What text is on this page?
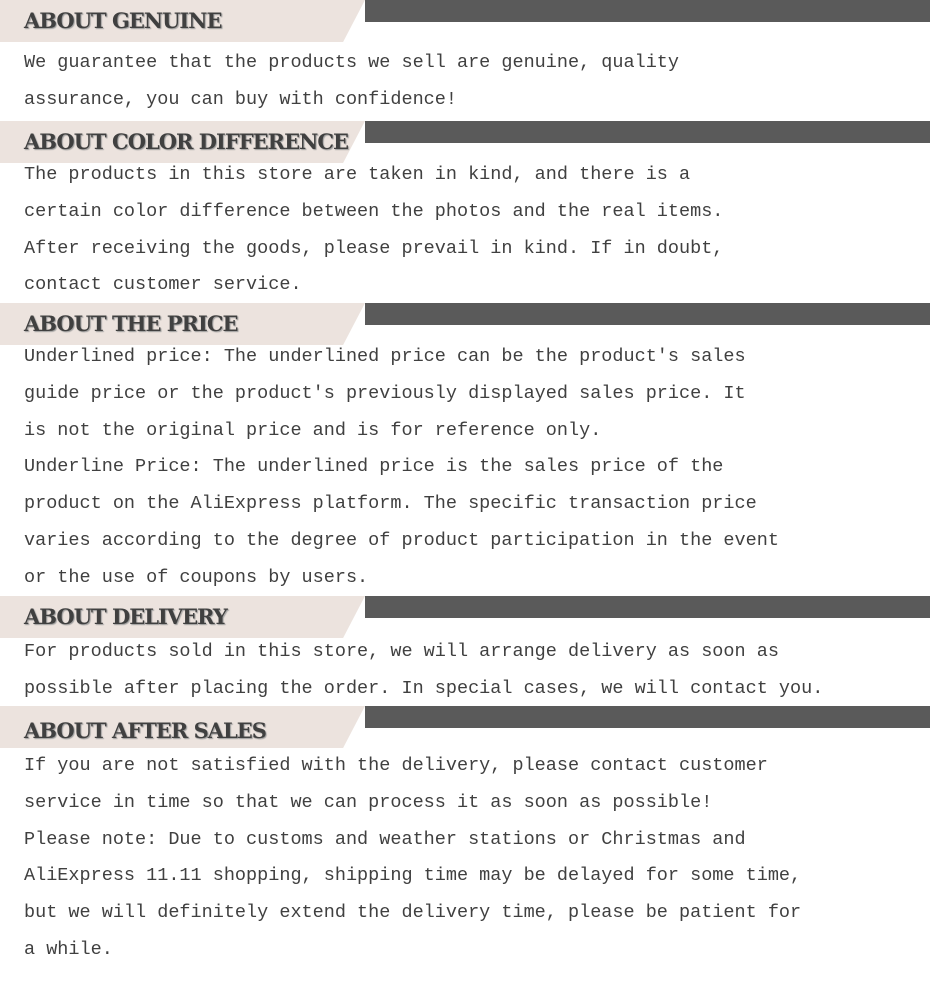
ABOUT GENUINE
We guarantee that the products we sell are genuine, quality
assurance, you can buy with confidence!
ABOUT COLOR DIFFERENCE
The products in this store are taken in kind, and there is a
certain color difference between the photos and the real items.
After receiving the goods, please prevail in kind. If in doubt,
contact customer service.
ABOUT THE PRICE
Underlined price: The underlined price can be the product's sales
guide price or the product's previously displayed sales price. It
is not the original price and is for reference only.
Underline Price: The underlined price is the sales price of the
product on the AliExpress platform. The specific transaction price
varies according to the degree of product participation in the event
or the use of coupons by users.
ABOUT DELIVERY
For products sold in this store, we will arrange delivery as soon as
possible after placing the order. In special cases, we will contact you.
ABOUT AFTER SALES
If you are not satisfied with the delivery, please contact customer
service in time so that we can process it as soon as possible!
Please note: Due to customs and weather stations or Christmas and
AliExpress 11.11 shopping, shipping time may be delayed for some time,
but we will definitely extend the delivery time, please be patient for
a while.
